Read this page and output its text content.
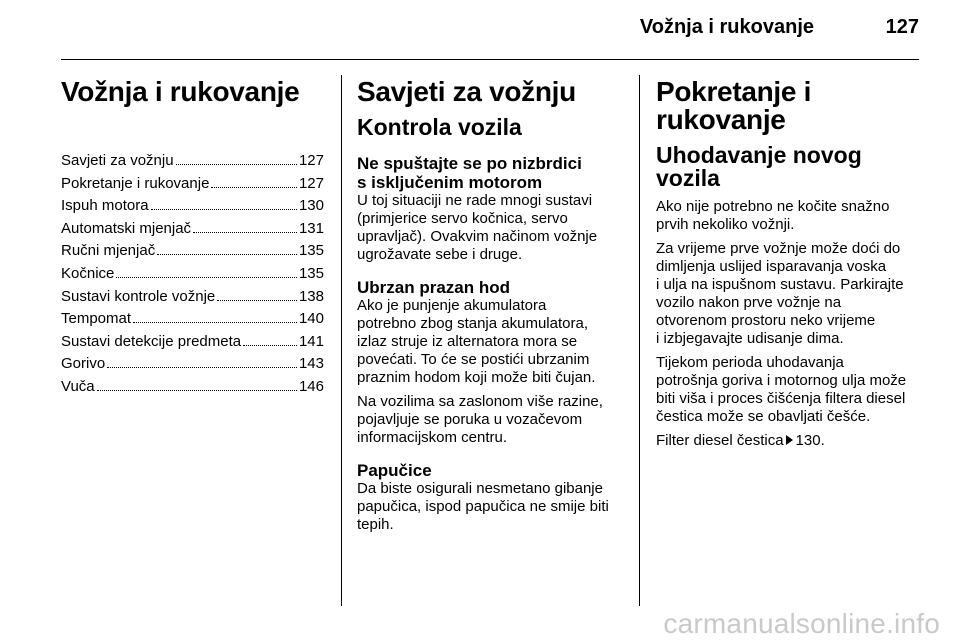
Vožnja i rukovanje	127
Vožnja i rukovanje
Savjeti za vožnju	127
Pokretanje i rukovanje	127
Ispuh motora	130
Automatski mjenjač	131
Ručni mjenjač	135
Kočnice	135
Sustavi kontrole vožnje	138
Tempomat	140
Sustavi detekcije predmeta	141
Gorivo	143
Vuča	146
Savjeti za vožnju
Kontrola vozila
Ne spuštajte se po nizbrdici
s isključenim motorom

U toj situaciji ne rade mnogi sustavi
(primjerice servo kočnica, servo
upravljač). Ovakvim načinom vožnje
ugrožavate sebe i druge.

Ubrzan prazan hod

Ako je punjenje akumulatora
potrebno zbog stanja akumulatora,
izlaz struje iz alternatora mora se
povećati. To će se postići ubrzanim
praznim hodom koji može biti čujan.

Na vozilima sa zaslonom više razine,
pojavljuje se poruka u vozačevom
informacijskom centru.

Papučice

Da biste osigurali nesmetano gibanje
papučica, ispod papučica ne smije biti
tepih.

Pokretanje i rukovanje
Uhodavanje novog vozila

Ako nije potrebno ne kočite snažno
prvih nekoliko vožnji.

Za vrijeme prve vožnje može doći do
dimljenja uslijed isparavanja voska
i ulja na ispušnom sustavu. Parkirajte
vozilo nakon prve vožnje na
otvorenom prostoru neko vrijeme
i izbjegavajte udisanje dima.

Tijekom perioda uhodavanja
potrošnja goriva i motornog ulja može
biti viša i proces čišćenja filtera diesel
čestica može se obavljati češće.

Filter diesel čestica 130.

carmanualsonline.info
